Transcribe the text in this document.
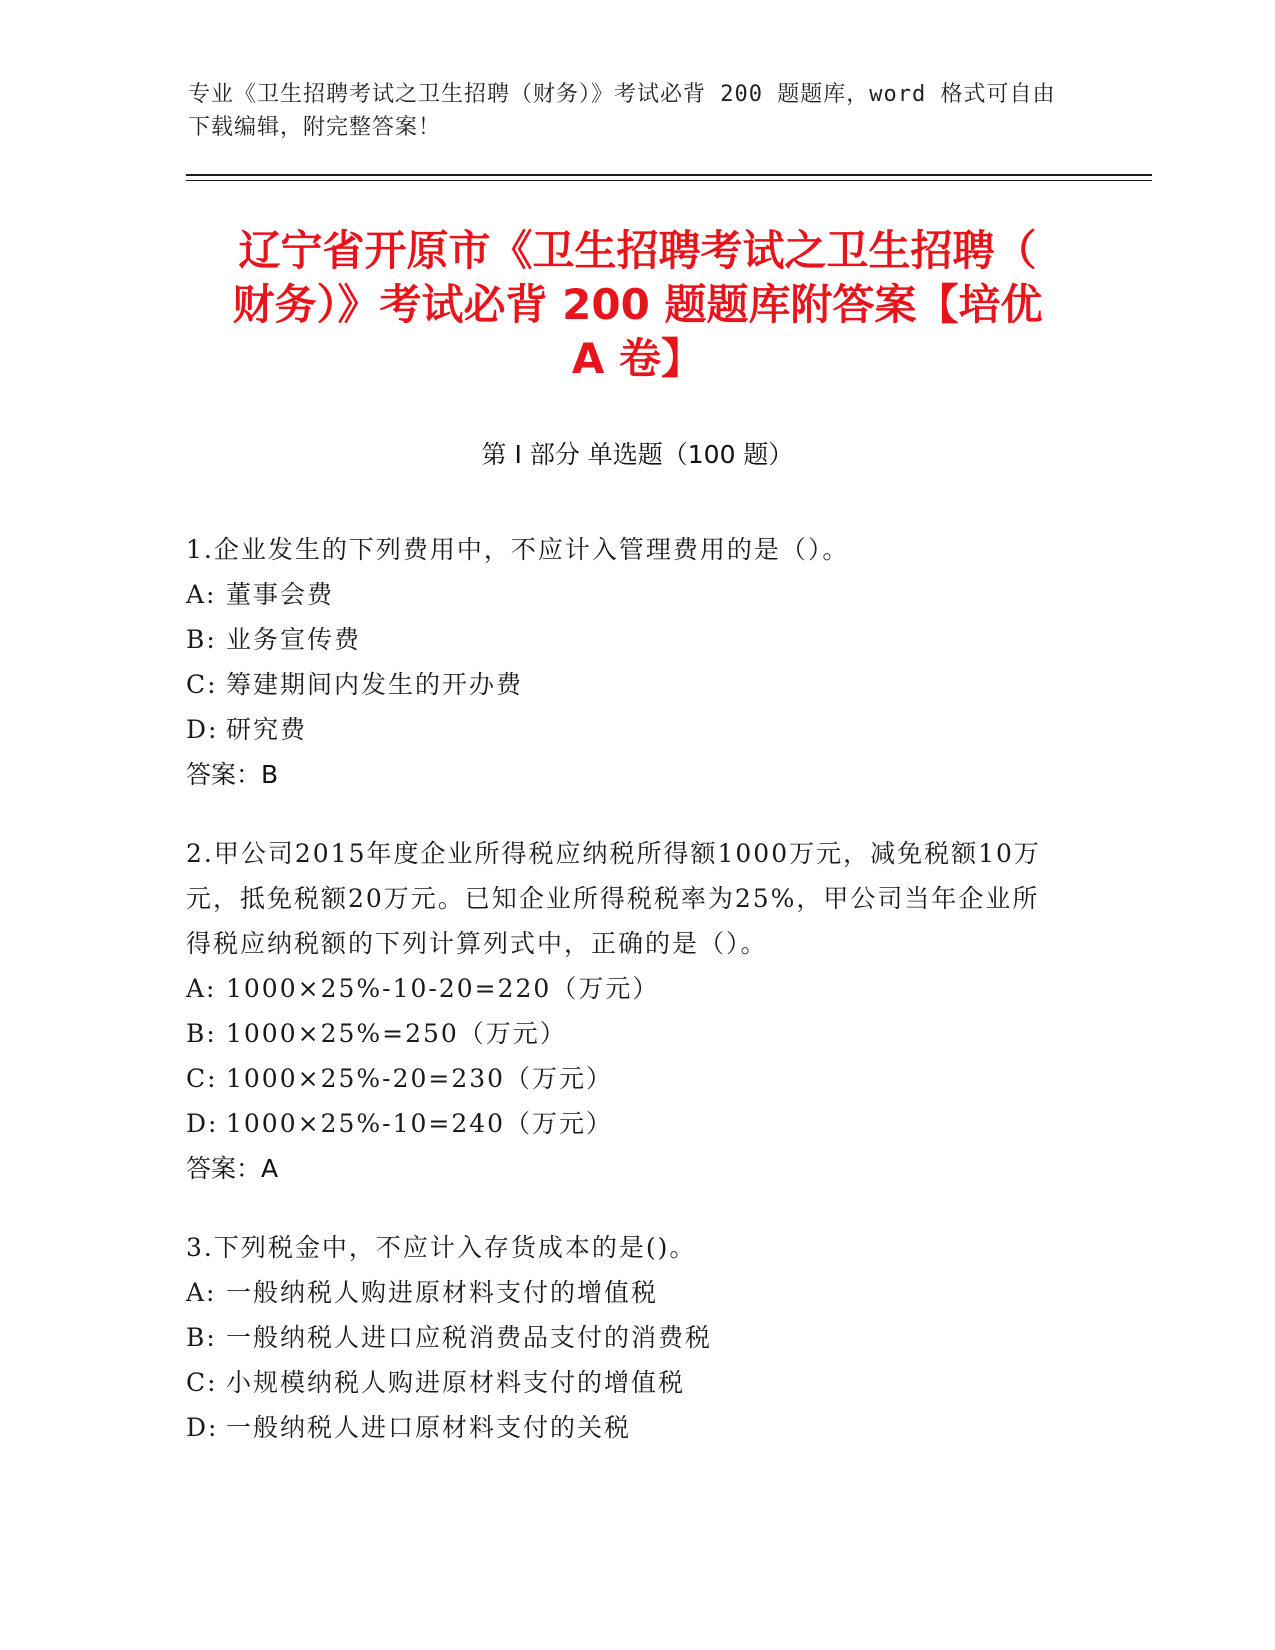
专业《卫生招聘考试之卫生招聘（财务）》考试必背 200 题题库，word 格式可自由下载编辑，附完整答案！
辽宁省开原市《卫生招聘考试之卫生招聘（
财务）》考试必背 200 题题库附答案【培优
A 卷】
第 I 部分 单选题（100 题）
1.企业发生的下列费用中，不应计入管理费用的是（）。
A: 董事会费
B: 业务宣传费
C: 筹建期间内发生的开办费
D: 研究费
答案：B
2.甲公司2015年度企业所得税应纳税所得额1000万元，减免税额10万元，抵免税额20万元。已知企业所得税税率为25%，甲公司当年企业所得税应纳税额的下列计算列式中，正确的是（）。
A: 1000×25%-10-20=220（万元）
B: 1000×25%=250（万元）
C: 1000×25%-20=230（万元）
D: 1000×25%-10=240（万元）
答案：A
3.下列税金中，不应计入存货成本的是()。
A: 一般纳税人购进原材料支付的增值税
B: 一般纳税人进口应税消费品支付的消费税
C: 小规模纳税人购进原材料支付的增值税
D: 一般纳税人进口原材料支付的关税
